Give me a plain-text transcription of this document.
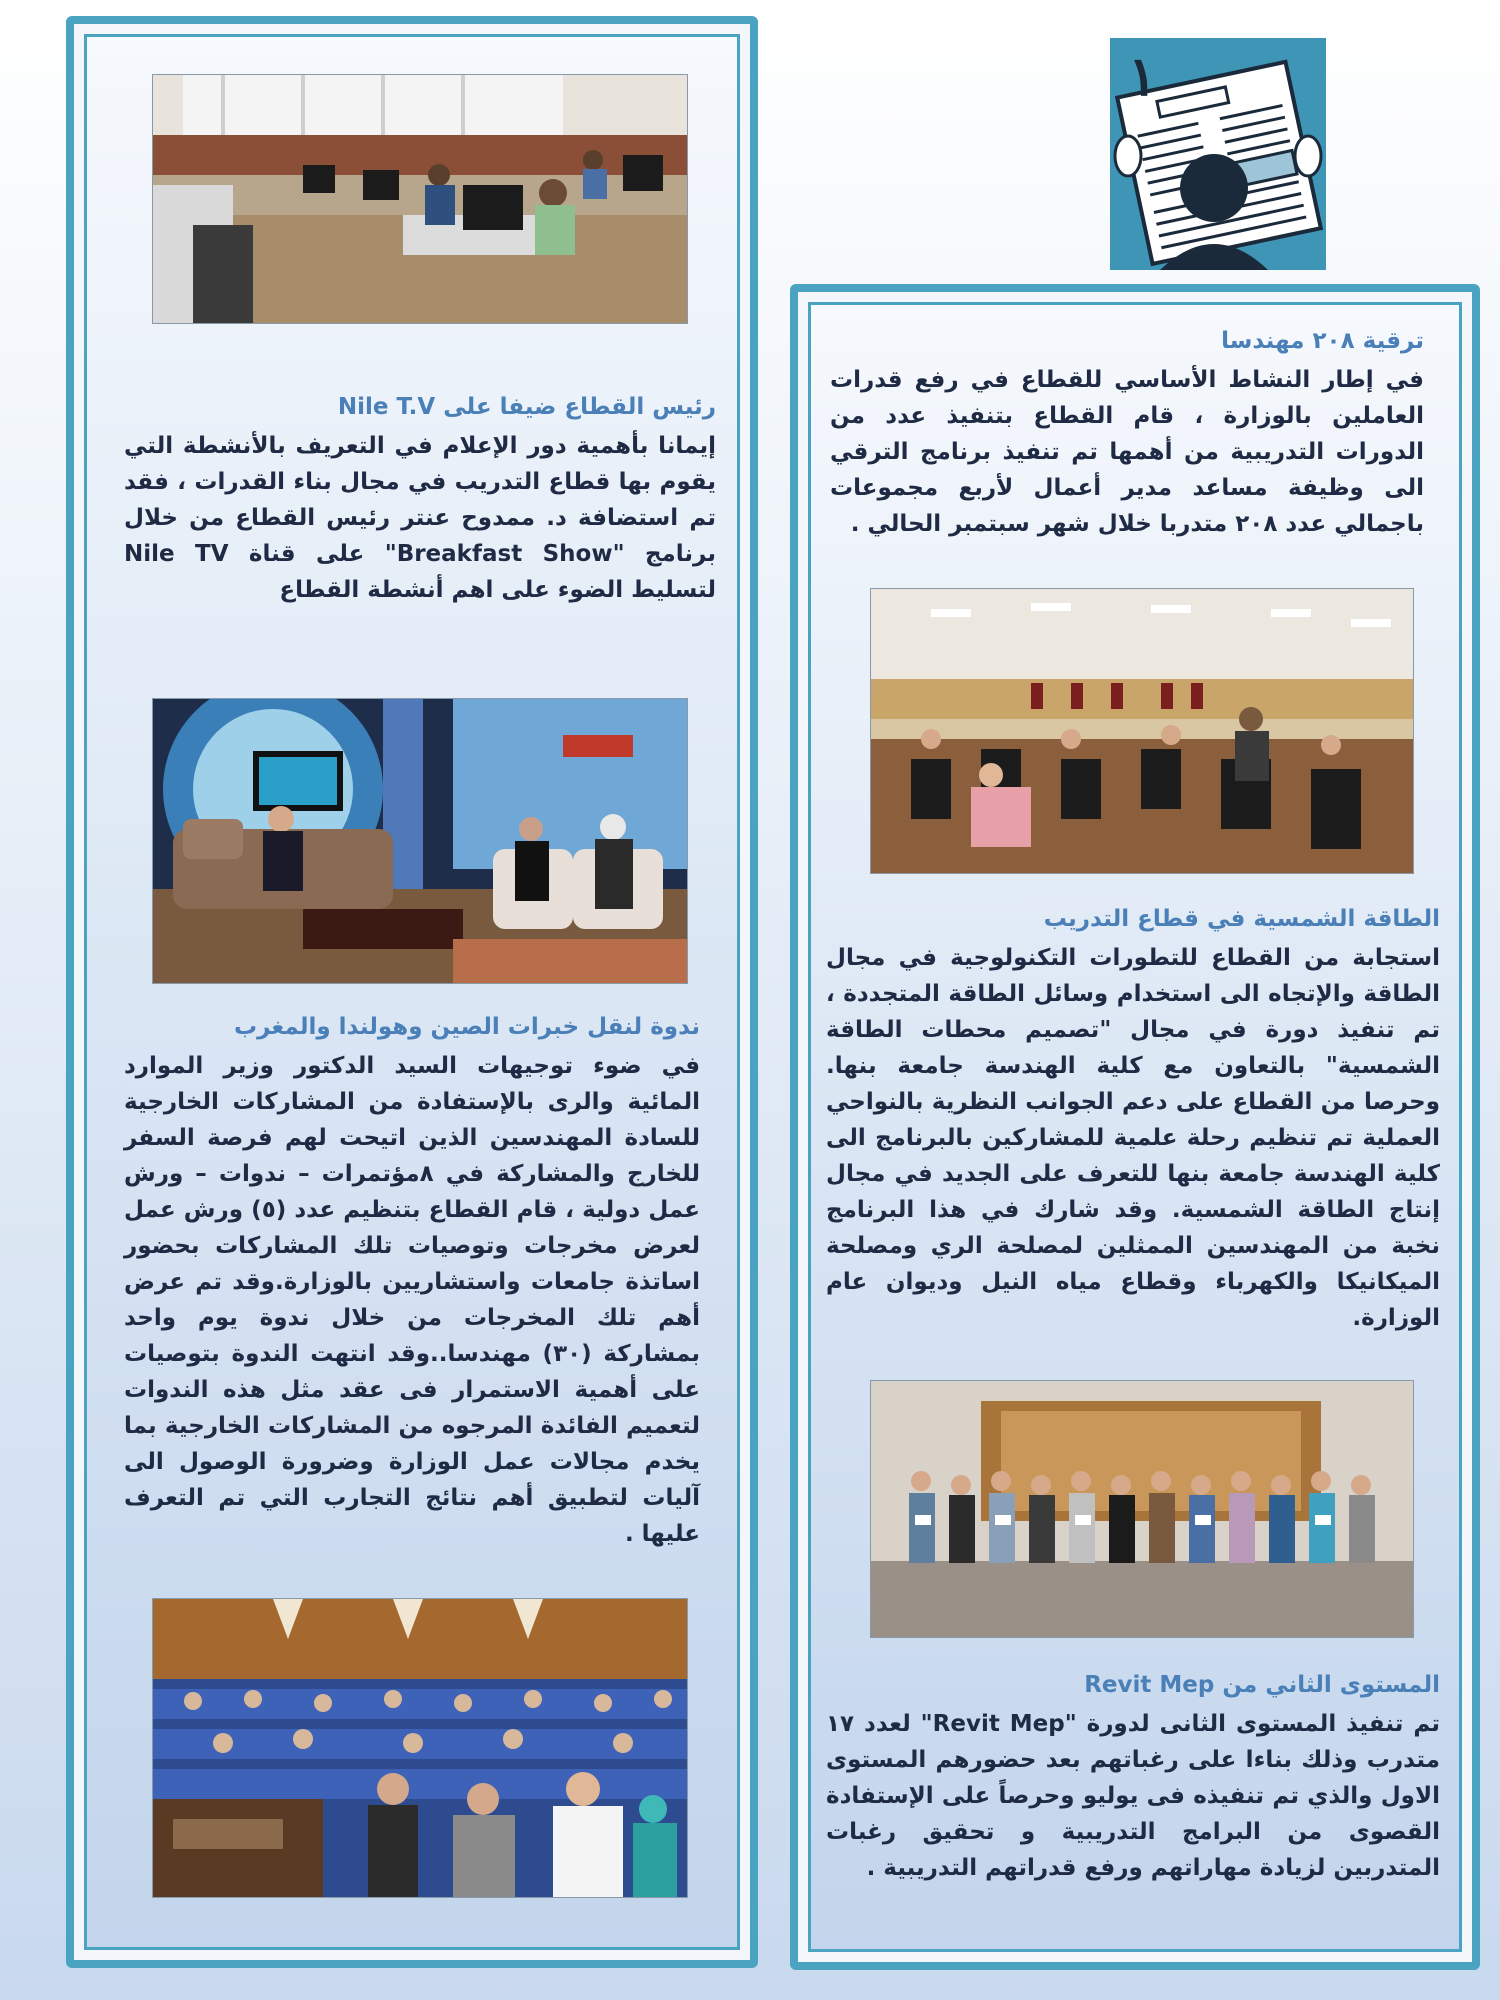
١
رئيس القطاع ضيفا على Nile T.V
إيمانا بأهمية دور الإعلام في التعريف بالأنشطة التي يقوم بها قطاع التدريب في مجال بناء القدرات ، فقد تم استضافة د. ممدوح عنتر رئيس القطاع من خلال برنامج "Breakfast Show" على قناة Nile TV لتسليط الضوء على اهم أنشطة القطاع
ندوة لنقل خبرات الصين وهولندا والمغرب
في ضوء توجيهات السيد الدكتور وزير الموارد المائية والرى بالإستفادة من المشاركات الخارجية للسادة المهندسين الذين اتيحت لهم فرصة السفر للخارج والمشاركة في ٨مؤتمرات – ندوات – ورش عمل دولية ، قام القطاع بتنظيم عدد (٥) ورش عمل لعرض مخرجات وتوصيات تلك المشاركات بحضور اساتذة جامعات واستشاريين بالوزارة.وقد تم عرض أهم تلك المخرجات من خلال ندوة يوم واحد بمشاركة (٣٠) مهندسا..وقد انتهت الندوة بتوصيات على أهمية الاستمرار فى عقد مثل هذه الندوات لتعميم الفائدة المرجوه من المشاركات الخارجية بما يخدم مجالات عمل الوزارة وضرورة الوصول الى آليات لتطبيق أهم نتائج التجارب التي تم التعرف عليها .
ترقية ٢٠٨ مهندسا
في إطار النشاط الأساسي للقطاع في رفع قدرات العاملين بالوزارة ، قام القطاع بتنفيذ عدد من الدورات التدريبية من أهمها تم تنفيذ برنامج الترقي الى وظيفة مساعد مدير أعمال لأربع مجموعات باجمالي عدد ٢٠٨ متدربا خلال شهر سبتمبر الحالي .
الطاقة الشمسية في قطاع التدريب
استجابة من القطاع للتطورات التكنولوجية في مجال الطاقة والإتجاه الى استخدام وسائل الطاقة المتجددة ، تم تنفيذ دورة في مجال "تصميم محطات الطاقة الشمسية" بالتعاون مع كلية الهندسة جامعة بنها. وحرصا من القطاع على دعم الجوانب النظرية بالنواحي العملية تم تنظيم رحلة علمية للمشاركين بالبرنامج الى كلية الهندسة جامعة بنها للتعرف على الجديد في مجال إنتاج الطاقة الشمسية. وقد شارك في هذا البرنامج نخبة من المهندسين الممثلين لمصلحة الري ومصلحة الميكانيكا والكهرباء وقطاع مياه النيل وديوان عام الوزارة.
المستوى الثاني من Revit Mep
تم تنفيذ المستوى الثانى لدورة "Revit Mep" لعدد ١٧ متدرب وذلك بناءا على رغباتهم بعد حضورهم المستوى الاول والذي تم تنفيذه فى يوليو وحرصاً على الإستفادة القصوى من البرامج التدريبية و تحقيق رغبات المتدربين لزيادة مهاراتهم ورفع قدراتهم التدريبية .
